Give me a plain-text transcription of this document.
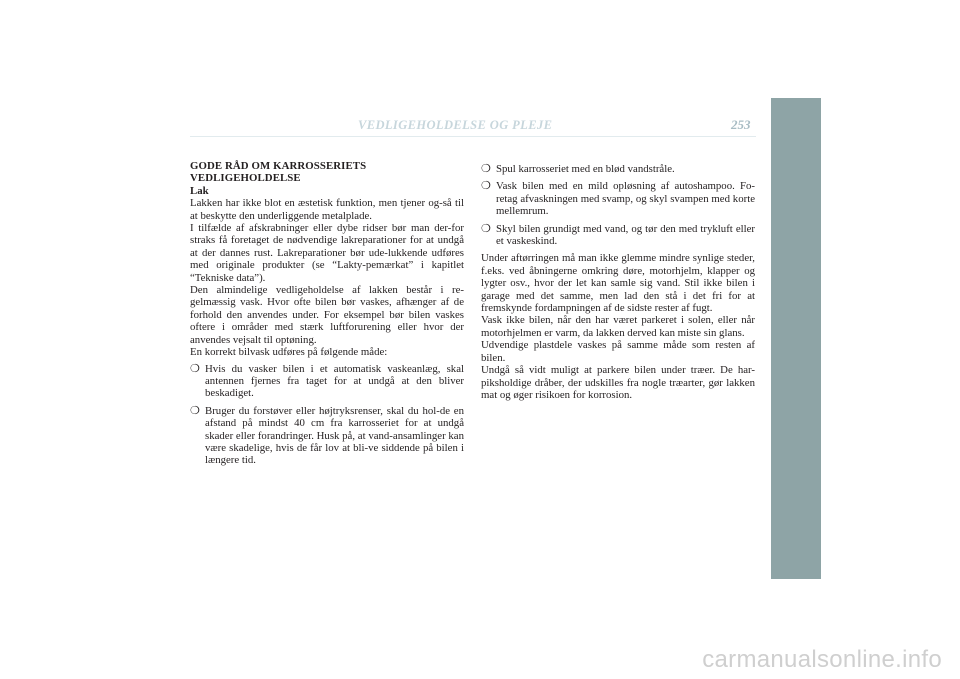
VEDLIGEHOLDELSE OG PLEJE	253

GODE RÅD OM KARROSSERIETS
VEDLIGEHOLDELSE

Lak

Lakken har ikke blot en æstetisk funktion, men tjener og-så til at beskytte den underliggende metalplade.

I tilfælde af afskrabninger eller dybe ridser bør man der-for straks få foretaget de nødvendige lakreparationer for at undgå at der dannes rust. Lakreparationer bør ude-lukkende udføres med originale produkter (se “Lakty-pemærkat” i kapitlet “Tekniske data”).

Den almindelige vedligeholdelse af lakken består i re-gelmæssig vask. Hvor ofte bilen bør vaskes, afhænger af de forhold den anvendes under. For eksempel bør bilen vaskes oftere i områder med stærk luftforurening eller hvor der anvendes vejsalt til optøning.

En korrekt bilvask udføres på følgende måde:

❍ Hvis du vasker bilen i et automatisk vaskeanlæg, skal antennen fjernes fra taget for at undgå at den bliver beskadiget.
❍ Bruger du forstøver eller højtryksrenser, skal du hol-de en afstand på mindst 40 cm fra karrosseriet for at undgå skader eller forandringer. Husk på, at vand-ansamlinger kan være skadelige, hvis de får lov at bli-ve siddende på bilen i længere tid.
❍ Spul karrosseriet med en blød vandstråle.
❍ Vask bilen med en mild opløsning af autoshampoo. Fo-retag afvaskningen med svamp, og skyl svampen med korte mellemrum.
❍ Skyl bilen grundigt med vand, og tør den med trykluft eller et vaskeskind.

Under aftørringen må man ikke glemme mindre synlige steder, f.eks. ved åbningerne omkring døre, motorhjelm, klapper og lygter osv., hvor der let kan samle sig vand. Stil ikke bilen i garage med det samme, men lad den stå i det fri for at fremskynde fordampningen af de sidste rester af fugt.

Vask ikke bilen, når den har været parkeret i solen, eller når motorhjelmen er varm, da lakken derved kan miste sin glans.

Udvendige plastdele vaskes på samme måde som resten af bilen.

Undgå så vidt muligt at parkere bilen under træer. De har-piksholdige dråber, der udskilles fra nogle træarter, gør lakken mat og øger risikoen for korrosion.

carmanualsonline.info
